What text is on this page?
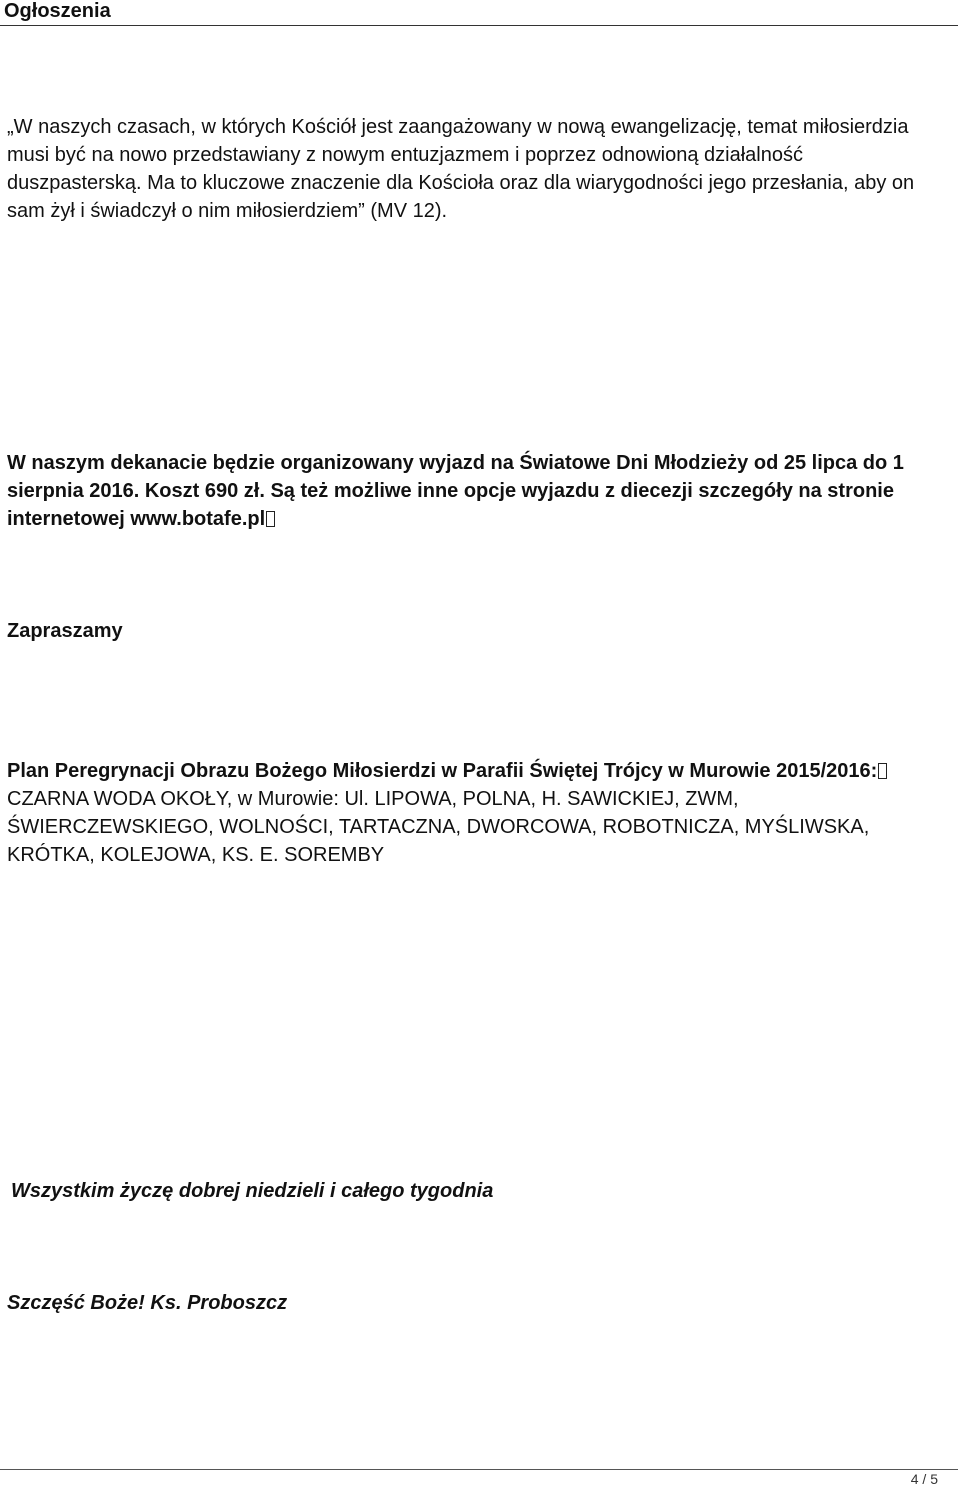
Ogłoszenia

„W naszych czasach, w których Kościół jest zaangażowany w nową ewangelizację, temat miłosierdzia musi być na nowo przedstawiany z nowym entuzjazmem i poprzez odnowioną działalność duszpasterską. Ma to kluczowe znaczenie dla Kościoła oraz dla wiarygodności jego przesłania, aby on sam żył i świadczył o nim miłosierdziem” (MV 12).

W naszym dekanacie będzie organizowany wyjazd na Światowe Dni Młodzieży od 25 lipca do 1 sierpnia 2016. Koszt 690 zł. Są też możliwe inne opcje wyjazdu z diecezji szczegóły na stronie internetowej www.botafe.pl

Zapraszamy

Plan Peregrynacji Obrazu Bożego Miłosierdzi w Parafii Świętej Trójcy w Murowie 2015/2016: CZARNA WODA OKOŁY, w Murowie: Ul. LIPOWA, POLNA, H. SAWICKIEJ, ZWM, ŚWIERCZEWSKIEGO, WOLNOŚCI, TARTACZNA, DWORCOWA, ROBOTNICZA, MYŚLIWSKA, KRÓTKA, KOLEJOWA, KS. E. SOREMBY

Wszystkim życzę dobrej niedzieli i całego tygodnia

Szczęść Boże! Ks. Proboszcz

4 / 5
